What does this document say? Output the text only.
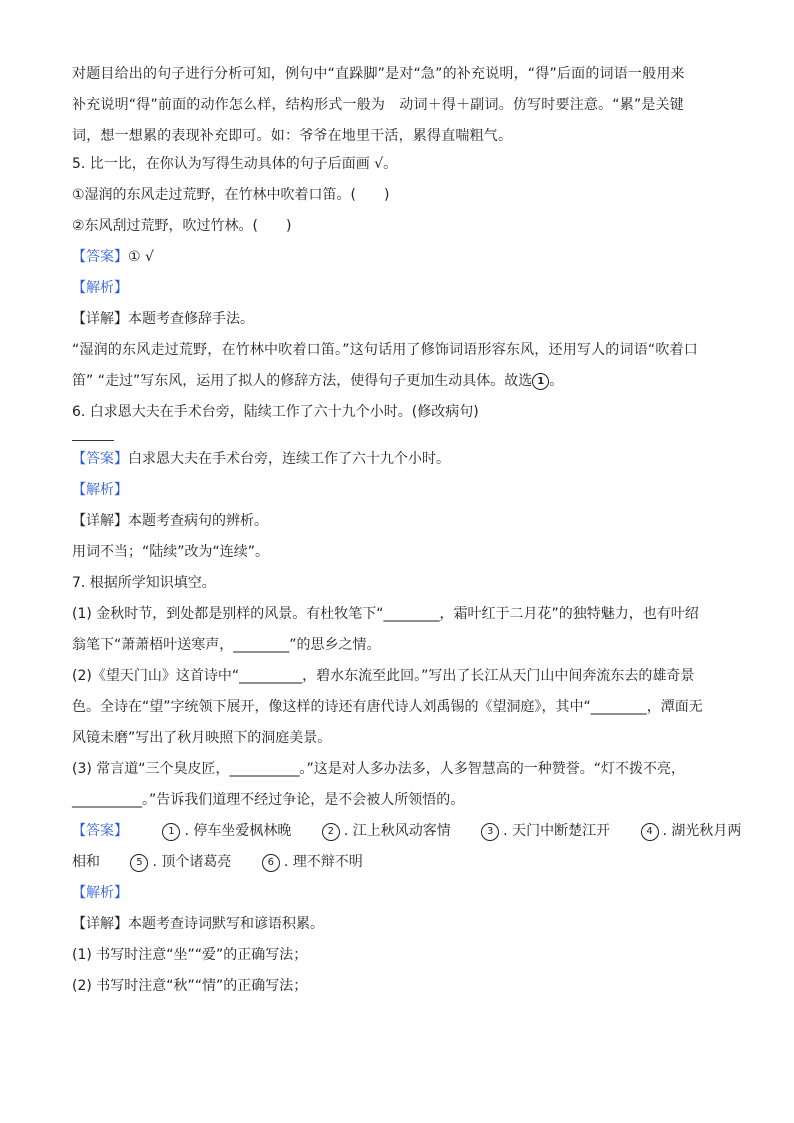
对题目给出的句子进行分析可知，例句中“直跺脚”是对“急”的补充说明，“得”后面的词语一般用来

补充说明“得”前面的动作怎么样，结构形式一般为　动词＋得＋副词。仿写时要注意。“累”是关键

词，想一想累的表现补充即可。如：爷爷在地里干活，累得直喘粗气。

5. 比一比，在你认为写得生动具体的句子后面画 √。

①湿润的东风走过荒野，在竹林中吹着口笛。(　　)

②东风刮过荒野，吹过竹林。(　　)

【答案】① √

【解析】

【详解】本题考查修辞手法。

“湿润的东风走过荒野，在竹林中吹着口笛。”这句话用了修饰词语形容东风，还用写人的词语“吹着口

笛” “走过”写东风，运用了拟人的修辞方法，使得句子更加生动具体。故选 1 。

6. 白求恩大夫在手术台旁，陆续工作了六十九个小时。(修改病句)

【答案】白求恩大夫在手术台旁，连续工作了六十九个小时。

【解析】

【详解】本题考查病句的辨析。

用词不当；“陆续”改为“连续”。

7. 根据所学知识填空。

(1) 金秋时节，到处都是别样的风景。有杜牧笔下“________，霜叶红于二月花”的独特魅力，也有叶绍

翁笔下“萧萧梧叶送寒声，________”的思乡之情。

(2)《望天门山》这首诗中“_________，碧水东流至此回。”写出了长江从天门山中间奔流东去的雄奇景

色。全诗在“望”字统领下展开，像这样的诗还有唐代诗人刘禹锡的《望洞庭》，其中“________，潭面无

风镜未磨”写出了秋月映照下的洞庭美景。

(3) 常言道“三个臭皮匠，__________。”这是对人多办法多，人多智慧高的一种赞誉。“灯不拨不亮，

__________。”告诉我们道理不经过争论，是不会被人所领悟的。

【答案】	1 . 停车坐爱枫林晚	2 . 江上秋风动客情	3 . 天门中断楚江开	4 . 湖光秋月两

相和	5 . 顶个诸葛亮	6 . 理不辩不明

【解析】

【详解】本题考查诗词默写和谚语积累。

(1) 书写时注意“坐”“爱”的正确写法；

(2) 书写时注意“秋”“情”的正确写法；
